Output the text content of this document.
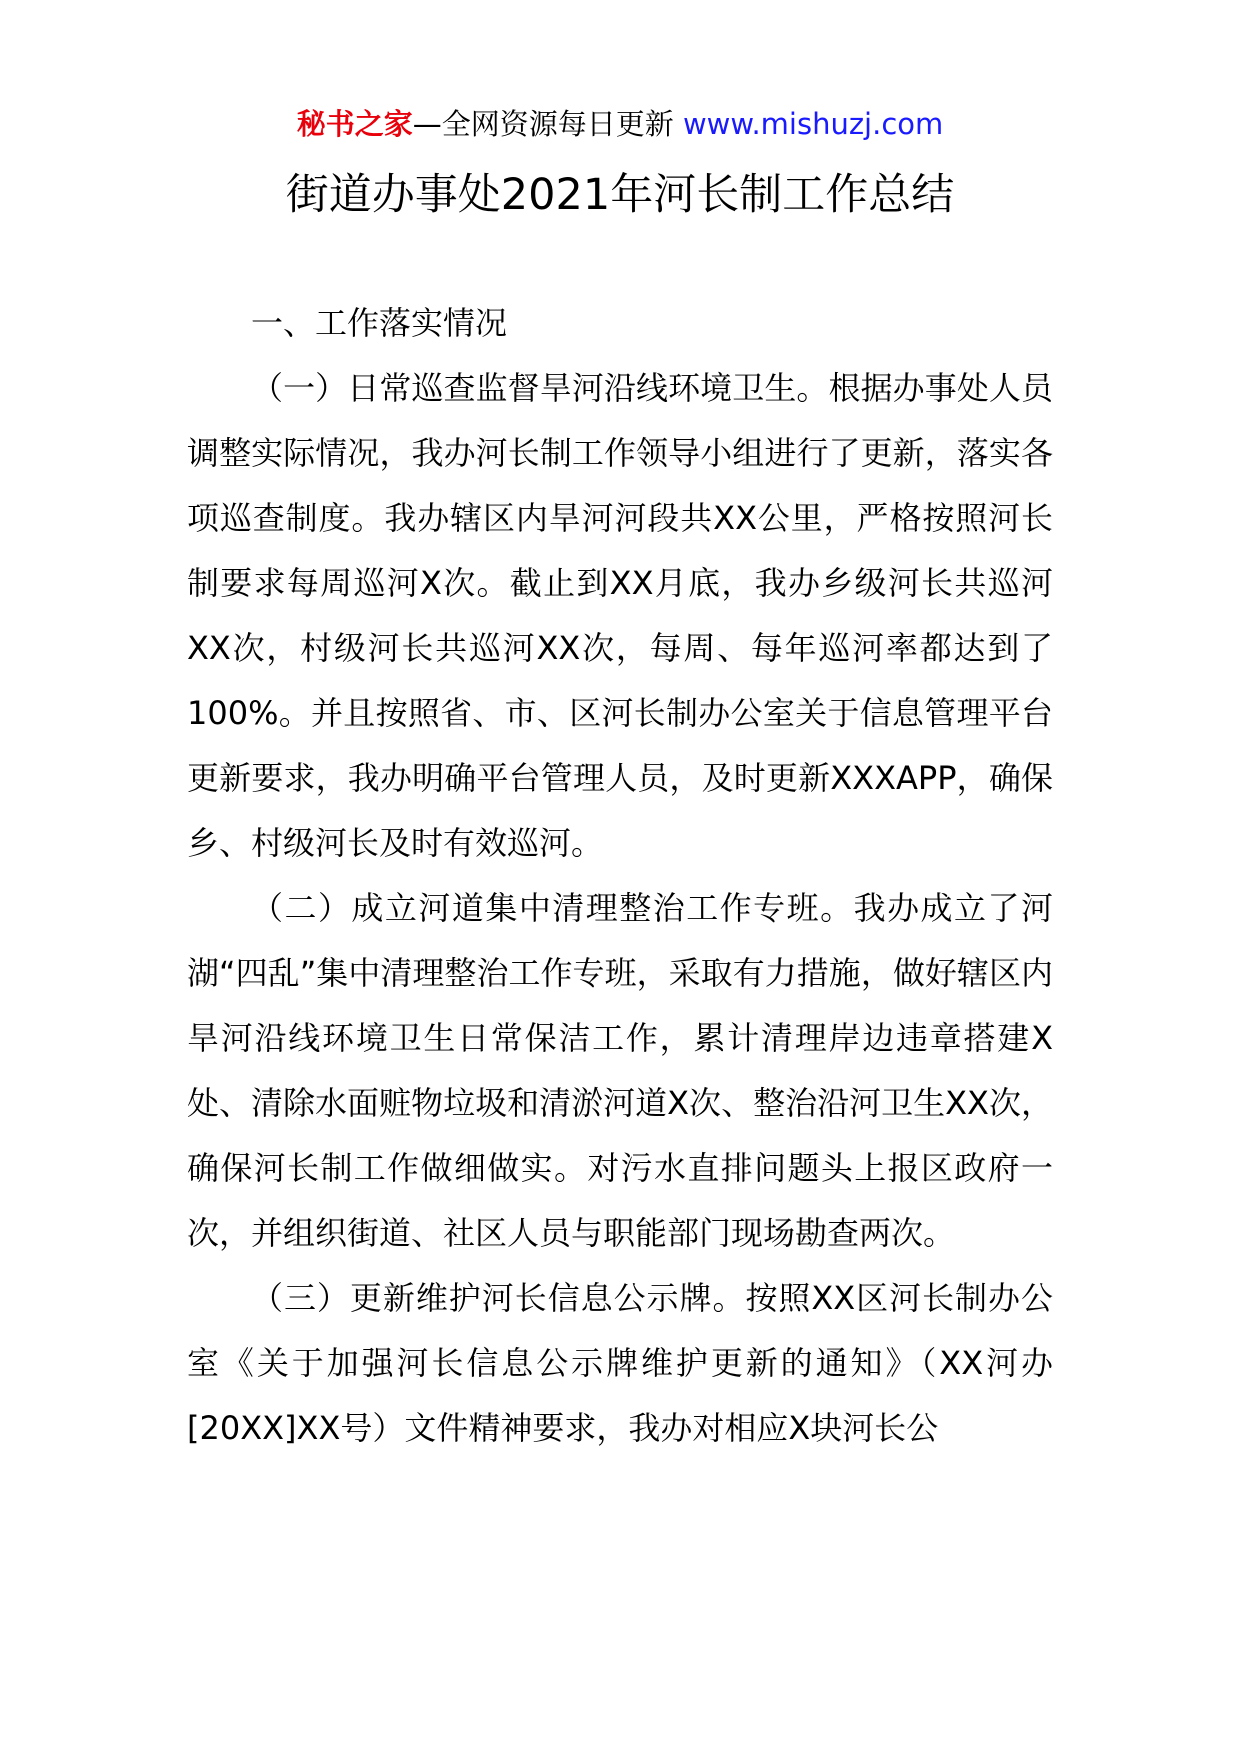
秘书之家—全网资源每日更新 www.mishuzj.com
街道办事处2021年河长制工作总结

一、工作落实情况

（一）日常巡查监督旱河沿线环境卫生。根据办事处人员调整实际情况，我办河长制工作领导小组进行了更新，落实各项巡查制度。我办辖区内旱河河段共XX公里，严格按照河长制要求每周巡河X次。截止到XX月底，我办乡级河长共巡河XX次，村级河长共巡河XX次，每周、每年巡河率都达到了100%。并且按照省、市、区河长制办公室关于信息管理平台更新要求，我办明确平台管理人员，及时更新XXXAPP，确保乡、村级河长及时有效巡河。

（二）成立河道集中清理整治工作专班。我办成立了河湖“四乱”集中清理整治工作专班，采取有力措施，做好辖区内旱河沿线环境卫生日常保洁工作，累计清理岸边违章搭建X处、清除水面赃物垃圾和清淤河道X次、整治沿河卫生XX次，确保河长制工作做细做实。对污水直排问题头上报区政府一次，并组织街道、社区人员与职能部门现场勘查两次。

（三）更新维护河长信息公示牌。按照XX区河长制办公室《关于加强河长信息公示牌维护更新的通知》（XX河办[20XX]XX号）文件精神要求，我办对相应X块河长公
